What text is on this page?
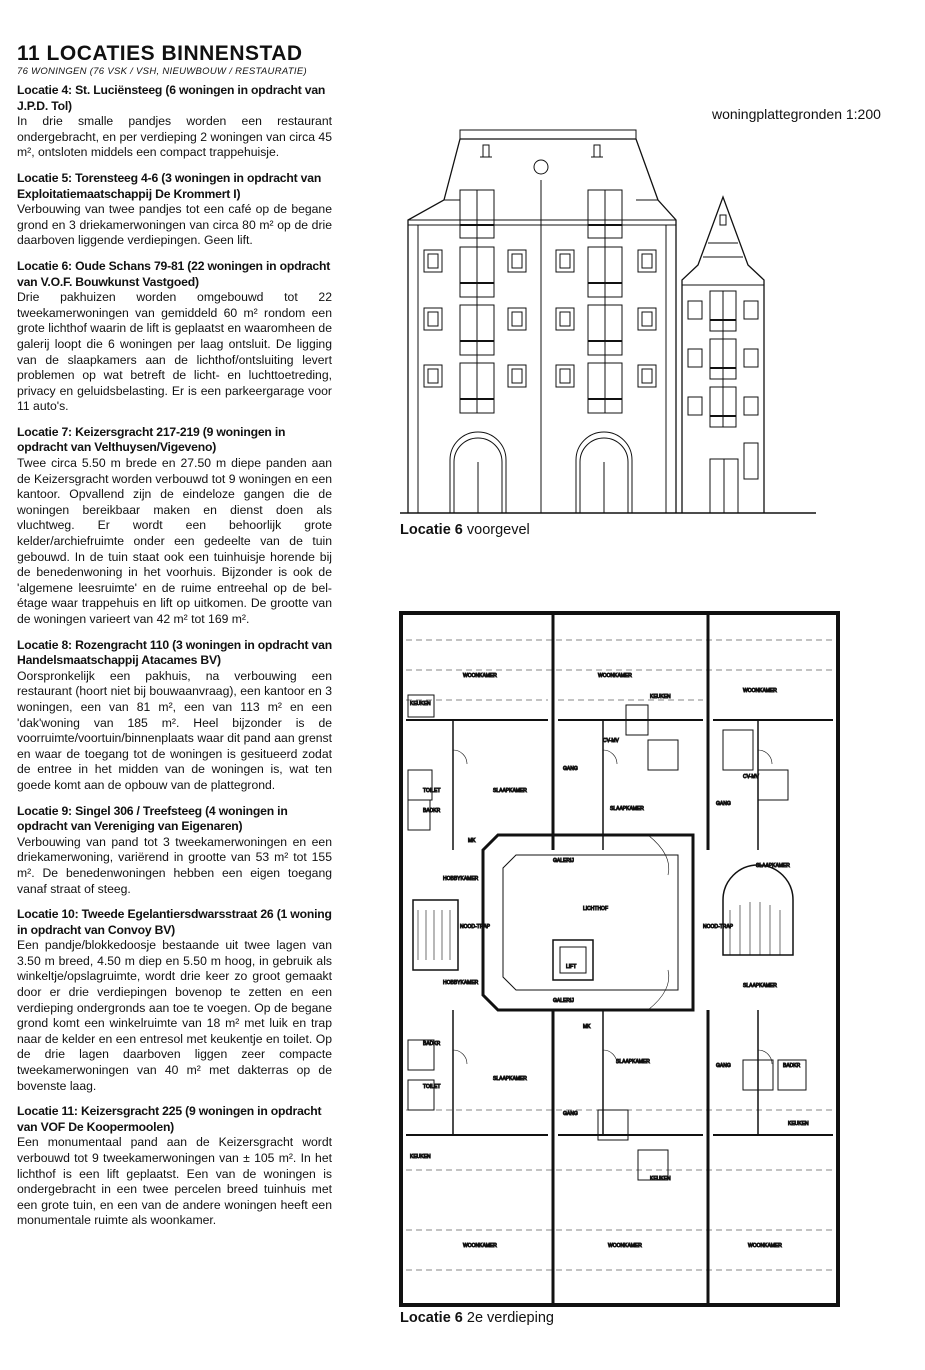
11 LOCATIES BINNENSTAD
76 WONINGEN (76 VSK / VSH, NIEUWBOUW / RESTAURATIE)
Locatie 4: St. Luciënsteeg (6 woningen in opdracht van J.P.D. Tol)

In drie smalle pandjes worden een restaurant ondergebracht, en per verdieping 2 woningen van circa 45 m², ontsloten middels een compact trappehuisje.

Locatie 5: Torensteeg 4-6 (3 woningen in opdracht van Exploitatiemaatschappij De Krommert I)

Verbouwing van twee pandjes tot een café op de begane grond en 3 driekamerwoningen van circa 80 m² op de drie daarboven liggende verdiepingen. Geen lift.

Locatie 6: Oude Schans 79-81 (22 woningen in opdracht van V.O.F. Bouwkunst Vastgoed)

Drie pakhuizen worden omgebouwd tot 22 tweekamerwoningen van gemiddeld 60 m² rondom een grote lichthof waarin de lift is geplaatst en waaromheen de galerij loopt die 6 woningen per laag ontsluit. De ligging van de slaapkamers aan de lichthof/ontsluiting levert problemen op wat betreft de licht- en luchttoetreding, privacy en geluidsbelasting. Er is een parkeergarage voor 11 auto's.

Locatie 7: Keizersgracht 217-219 (9 woningen in opdracht van Velthuysen/Vigeveno)

Twee circa 5.50 m brede en 27.50 m diepe panden aan de Keizersgracht worden verbouwd tot 9 woningen en een kantoor. Opvallend zijn de eindeloze gangen die de woningen bereikbaar maken en dienst doen als vluchtweg. Er wordt een behoorlijk grote kelder/archiefruimte onder een gedeelte van de tuin gebouwd. In de tuin staat ook een tuinhuisje horende bij de benedenwoning in het voorhuis. Bijzonder is ook de 'algemene leesruimte' en de ruime entreehal op de bel-étage waar trappehuis en lift op uitkomen. De grootte van de woningen varieert van 42 m² tot 169 m².

Locatie 8: Rozengracht 110 (3 woningen in opdracht van Handelsmaatschappij Atacames BV)

Oorspronkelijk een pakhuis, na verbouwing een restaurant (hoort niet bij bouwaanvraag), een kantoor en 3 woningen, een van 81 m², een van 113 m² en een 'dak'woning van 185 m². Heel bijzonder is de voorruimte/voortuin/binnenplaats waar dit pand aan grenst en waar de toegang tot de woningen is gesitueerd zodat de entree in het midden van de woningen is, wat ten goede komt aan de opbouw van de plattegrond.

Locatie 9: Singel 306 / Treefsteeg (4 woningen in opdracht van Vereniging van Eigenaren)

Verbouwing van pand tot 3 tweekamerwoningen en een driekamerwoning, variërend in grootte van 53 m² tot 155 m². De benedenwoningen hebben een eigen toegang vanaf straat of steeg.

Locatie 10: Tweede Egelantiersdwarsstraat 26 (1 woning in opdracht van Convoy BV)

Een pandje/blokkedoosje bestaande uit twee lagen van 3.50 m breed, 4.50 m diep en 5.50 m hoog, in gebruik als winkeltje/opslagruimte, wordt drie keer zo groot gemaakt door er drie verdiepingen bovenop te zetten en een verdieping ondergronds aan toe te voegen. Op de begane grond komt een winkelruimte van 18 m² met luik en trap naar de kelder en een entresol met keukentje en toilet. Op de drie lagen daarboven liggen zeer compacte tweekamerwoningen van 40 m² met dakterras op de bovenste laag.

Locatie 11: Keizersgracht 225 (9 woningen in opdracht van VOF De Koopermoolen)

Een monumentaal pand aan de Keizersgracht wordt verbouwd tot 9 tweekamerwoningen van ± 105 m². In het lichthof is een lift geplaatst. Een van de woningen is ondergebracht in een twee percelen breed tuinhuis met een grote tuin, en een van de andere woningen heeft een monumentale ruimte als woonkamer.

woningplattegronden 1:200
Locatie 6 voorgevel
WOONKAMER	WOONKAMER
WOONKAMER
KEUKEN
KEUKEN
SLAAPKAMER
SLAAPKAMER
SLAAPKAMER
SLAAPKAMER
SLAAPKAMER
SLAAPKAMER
GANG
GANG
GANG
GANG
TOILET
TOILET
BADKR
BADKR
BADKR
GALERIJ
GALERIJ
LICHTHOF
LIFT
HOBBYKAMER
HOBBYKAMER
NOOD-TRAP	NOOD-TRAP
CV-MV
CV-MV
MK
MK
WOONKAMER	WOONKAMER	WOONKAMER
KEUKEN
KEUKEN
KEUKEN
Locatie 6 2e verdieping
